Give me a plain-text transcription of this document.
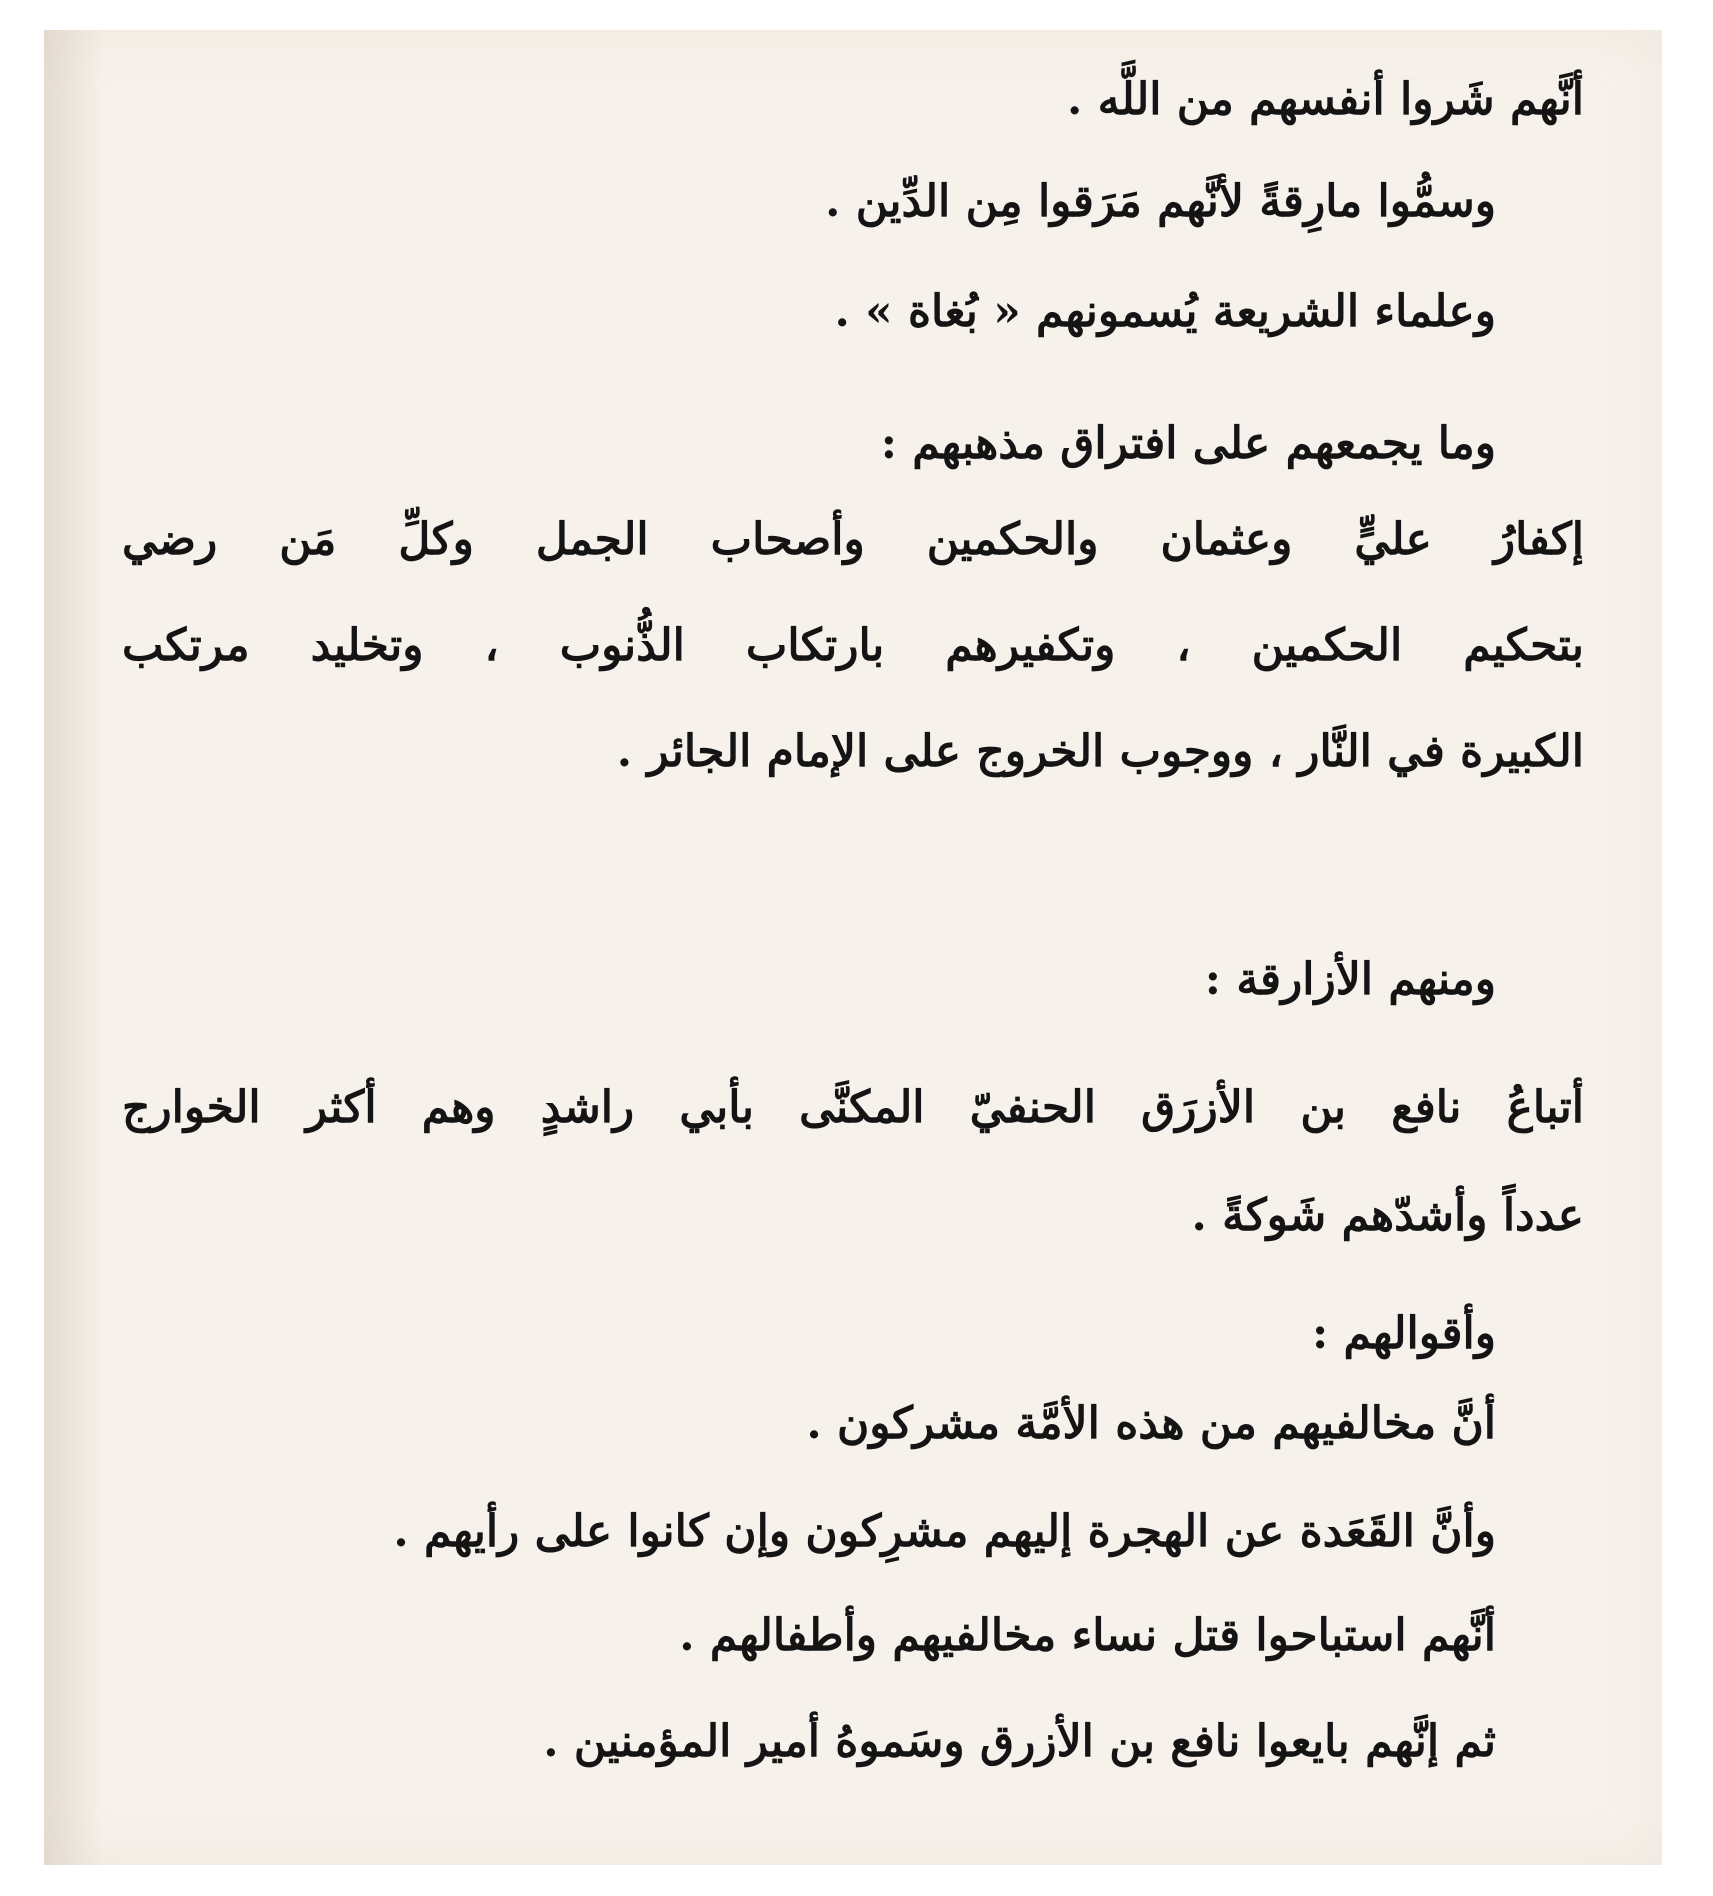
أنَّهم شَروا أنفسهم من اللَّه .
وسمُّوا مارِقةً لأنَّهم مَرَقوا مِن الدِّين .
وعلماء الشريعة يُسمونهم « بُغاة » .
وما يجمعهم على افتراق مذهبهم :
إكفارُ عليٍّ وعثمان والحكمين وأصحاب الجمل وكلِّ مَن رضي
بتحكيم الحكمين ، وتكفيرهم بارتكاب الذُّنوب ، وتخليد مرتكب
الكبيرة في النَّار ، ووجوب الخروج على الإمام الجائر .
ومنهم الأزارقة :
أتباعُ نافع بن الأزرَق الحنفيّ المكنَّى بأبي راشدٍ وهم أكثر الخوارج
عدداً وأشدّهم شَوكةً .
وأقوالهم :
أنَّ مخالفيهم من هذه الأمَّة مشركون .
وأنَّ القَعَدة عن الهجرة إليهم مشرِكون وإن كانوا على رأيهم .
أنَّهم استباحوا قتل نساء مخالفيهم وأطفالهم .
ثم إنَّهم بايعوا نافع بن الأزرق وسَموهُ أمير المؤمنين .
